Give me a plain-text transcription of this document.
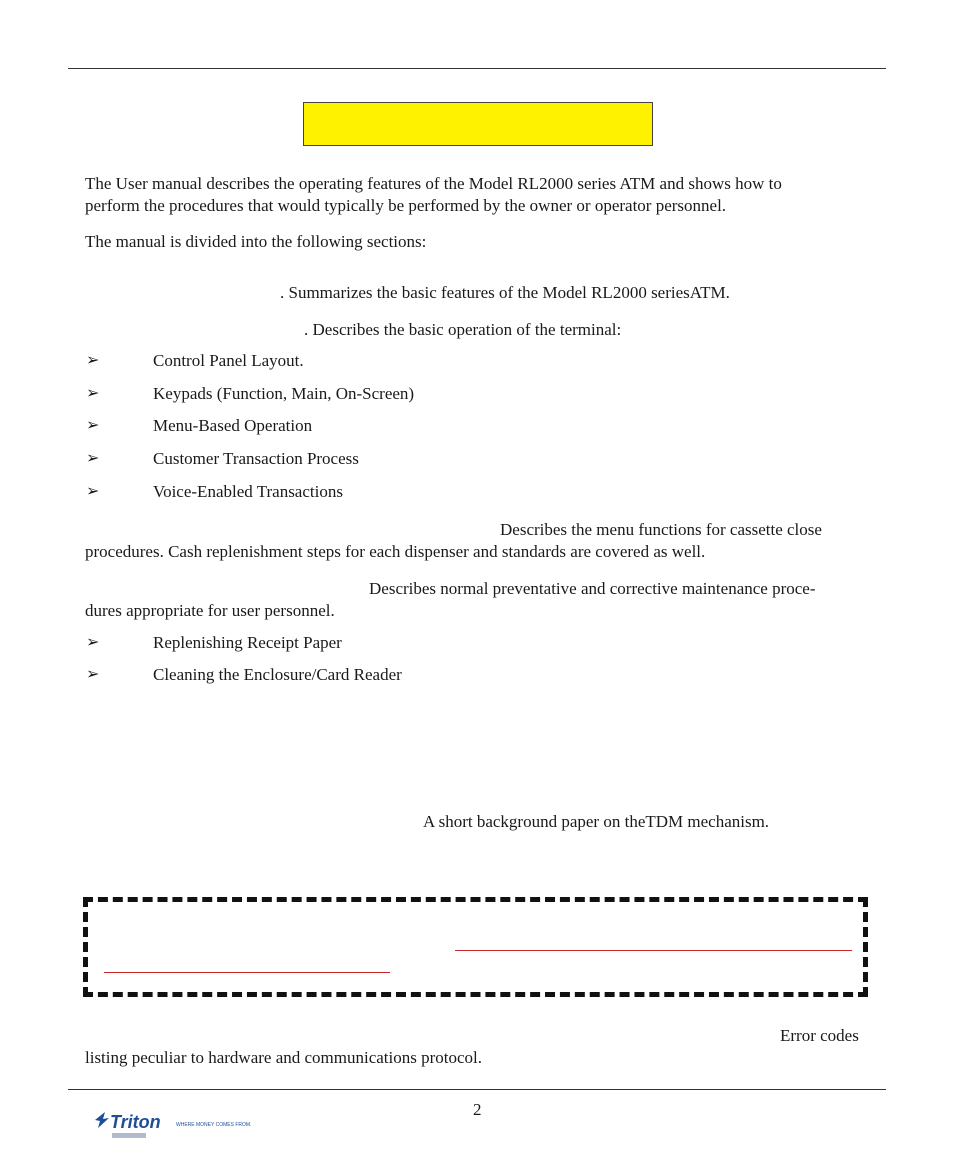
The User manual describes the operating features of the Model RL2000 series ATM and shows how to
perform the procedures that would typically be performed by the owner or operator personnel.
The manual is divided into the following sections:
. Summarizes the basic features of the Model RL2000 seriesATM.
. Describes the basic operation of the terminal:
➢	Control Panel Layout.
➢	Keypads (Function, Main, On-Screen)
➢	Menu-Based Operation
➢	Customer Transaction Process
➢	Voice-Enabled Transactions
Describes the menu functions for cassette close
procedures. Cash replenishment steps for each dispenser and standards are covered as well.
Describes normal preventative and corrective maintenance proce-
dures appropriate for user personnel.
➢	Replenishing Receipt Paper
➢	Cleaning the Enclosure/Card Reader
A short background paper on theTDM mechanism.
Error codes
listing peculiar to hardware and communications protocol.
2
Triton	WHERE MONEY COMES FROM.
